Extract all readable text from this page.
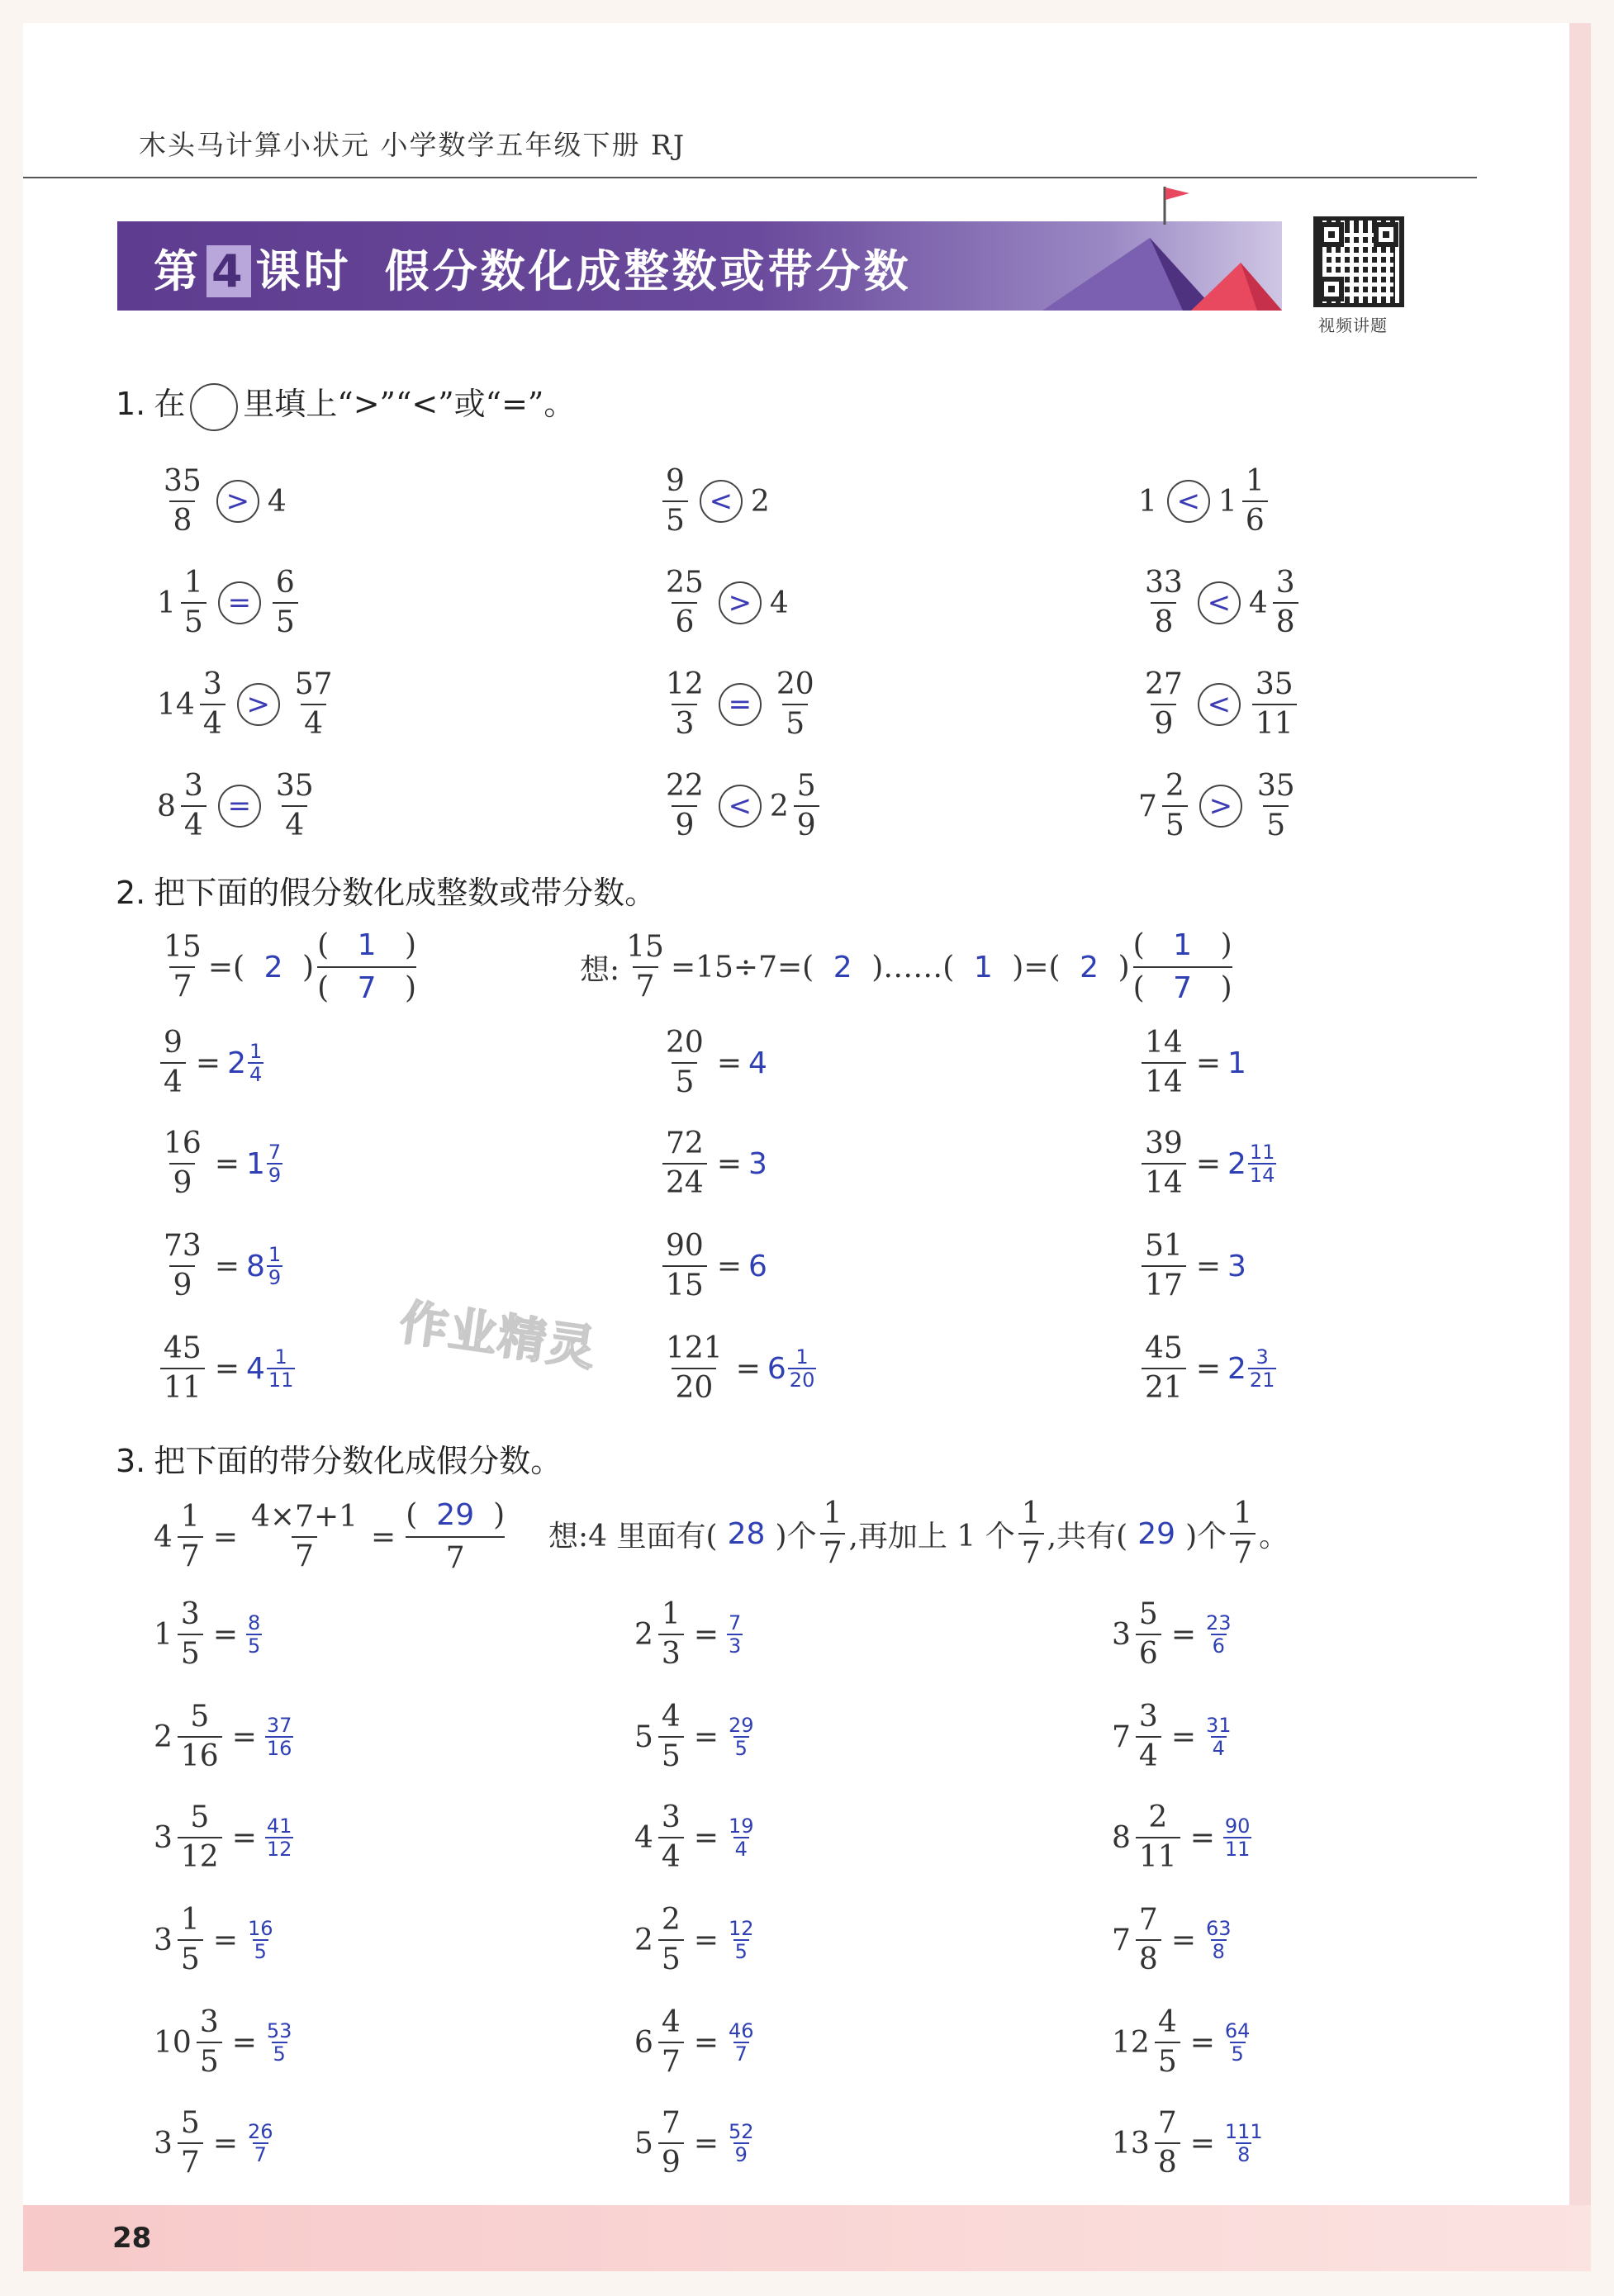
木头马计算小状元 小学数学五年级下册 RJ
第 4 课时 假分数化成整数或带分数
视频讲题
1. 在 里填上“>”“<”或“=”。
$\frac{35}{8} > 4$	$\frac{9}{5} < 2$	$1 < 1 \frac{1}{6}$
$1 \frac{1}{5} = \frac{6}{5}$	$\frac{25}{6} > 4$	$\frac{33}{8} < 4 \frac{3}{8}$
$14 \frac{3}{4} > \frac{57}{4}$	$\frac{12}{3} = \frac{20}{5}$	$\frac{27}{9} < \frac{35}{11}$
$8 \frac{3}{4} = \frac{35}{4}$	$\frac{22}{9} < 2 \frac{5}{9}$	$7 \frac{2}{5} > \frac{35}{5}$
2. 把下面的假分数化成整数或带分数。
$\frac{15}{7}$ =( 2 )
( 1 )
( 7 )
想: $\frac{15}{7} =15\div 7=$( 2 )……( 1 )=( 2 )
( 1 )
( 7 )
$\frac{9}{4} = 2 \frac{1}{4}$	$\frac{20}{5} = 4$	$\frac{14}{14} = 1$
$\frac{16}{9} = 1 \frac{7}{9}$	$\frac{72}{24} = 3$	$\frac{39}{14} = 2 \frac{11}{14}$
$\frac{73}{9} = 8 \frac{1}{9}$	$\frac{90}{15} = 6$	$\frac{51}{17} = 3$
$\frac{45}{11} = 4 \frac{1}{11}$	$\frac{121}{20} = 6 \frac{1}{20}$	$\frac{45}{21} = 2 \frac{3}{21}$
作业精灵
3. 把下面的带分数化成假分数。
$4 \frac{1}{7} = \frac{4\times 7+1}{7} = \frac{( 29 )}{7}$ 想:4 里面有( 28 )个 $\frac{1}{7}$ ,再加上 1 个 $\frac{1}{7}$ ,共有( 29 )个 $\frac{1}{7}$ 。
$1 \frac{3}{5} = \frac{8}{5}$	$2 \frac{1}{3} = \frac{7}{3}$	$3 \frac{5}{6} = \frac{23}{6}$
$2 \frac{5}{16} = \frac{37}{16}$	$5 \frac{4}{5} = \frac{29}{5}$	$7 \frac{3}{4} = \frac{31}{4}$
$3 \frac{5}{12} = \frac{41}{12}$	$4 \frac{3}{4} = \frac{19}{4}$	$8 \frac{2}{11} = \frac{90}{11}$
$3 \frac{1}{5} = \frac{16}{5}$	$2 \frac{2}{5} = \frac{12}{5}$	$7 \frac{7}{8} = \frac{63}{8}$
$10 \frac{3}{5} = \frac{53}{5}$	$6 \frac{4}{7} = \frac{46}{7}$	$12 \frac{4}{5} = \frac{64}{5}$
$3 \frac{5}{7} = \frac{26}{7}$	$5 \frac{7}{9} = \frac{52}{9}$	$13 \frac{7}{8} = \frac{111}{8}$
28
